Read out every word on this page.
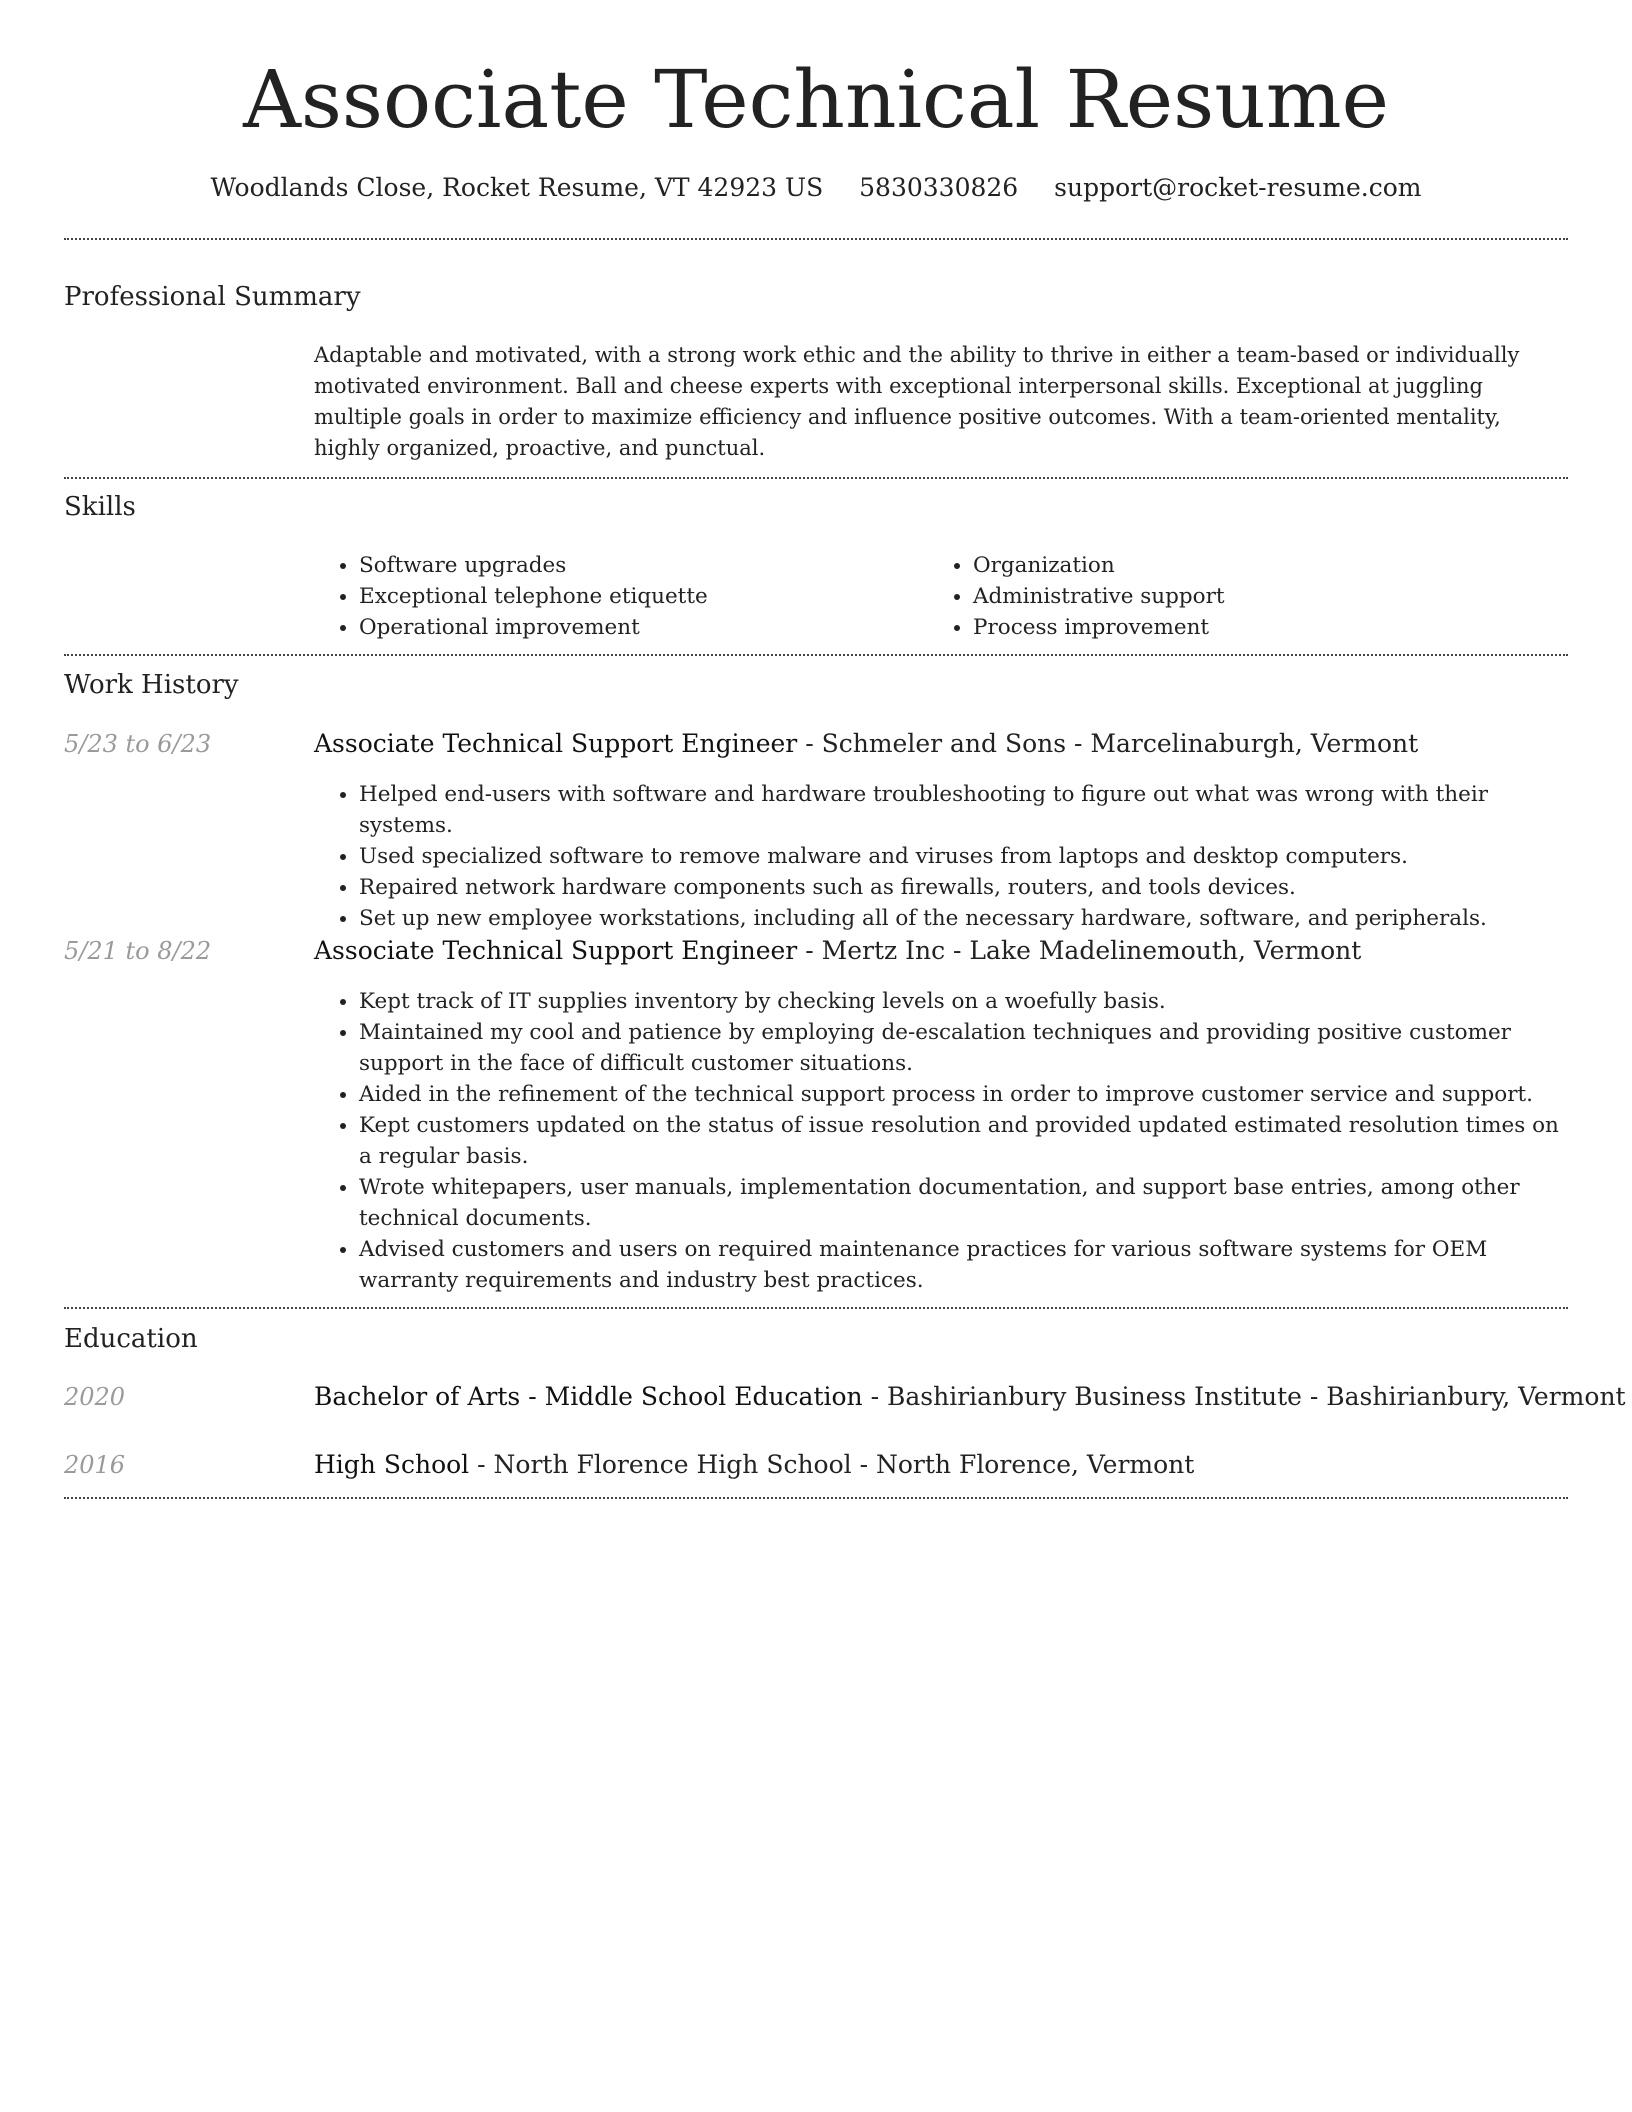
Associate Technical Resume
Woodlands Close, Rocket Resume, VT 42923 US 5830330826 support@rocket-resume.com
Professional Summary

Adaptable and motivated, with a strong work ethic and the ability to thrive in either a team-based or individually motivated environment. Ball and cheese experts with exceptional interpersonal skills. Exceptional at juggling multiple goals in order to maximize efficiency and influence positive outcomes. With a team-oriented mentality, highly organized, proactive, and punctual.

Skills
• Software upgrades
• Exceptional telephone etiquette
• Operational improvement
• Organization
• Administrative support
• Process improvement
Work History
5/23 to 6/23	Associate Technical Support Engineer - Schmeler and Sons - Marcelinaburgh, Vermont
• Helped end-users with software and hardware troubleshooting to figure out what was wrong with their systems.
• Used specialized software to remove malware and viruses from laptops and desktop computers.
• Repaired network hardware components such as firewalls, routers, and tools devices.
• Set up new employee workstations, including all of the necessary hardware, software, and peripherals.
5/21 to 8/22	Associate Technical Support Engineer - Mertz Inc - Lake Madelinemouth, Vermont
• Kept track of IT supplies inventory by checking levels on a woefully basis.
• Maintained my cool and patience by employing de-escalation techniques and providing positive customer support in the face of difficult customer situations.
• Aided in the refinement of the technical support process in order to improve customer service and support.
• Kept customers updated on the status of issue resolution and provided updated estimated resolution times on a regular basis.
• Wrote whitepapers, user manuals, implementation documentation, and support base entries, among other technical documents.
• Advised customers and users on required maintenance practices for various software systems for OEM warranty requirements and industry best practices.
Education
2020	Bachelor of Arts - Middle School Education - Bashirianbury Business Institute - Bashirianbury, Vermont
2016	High School - North Florence High School - North Florence, Vermont
